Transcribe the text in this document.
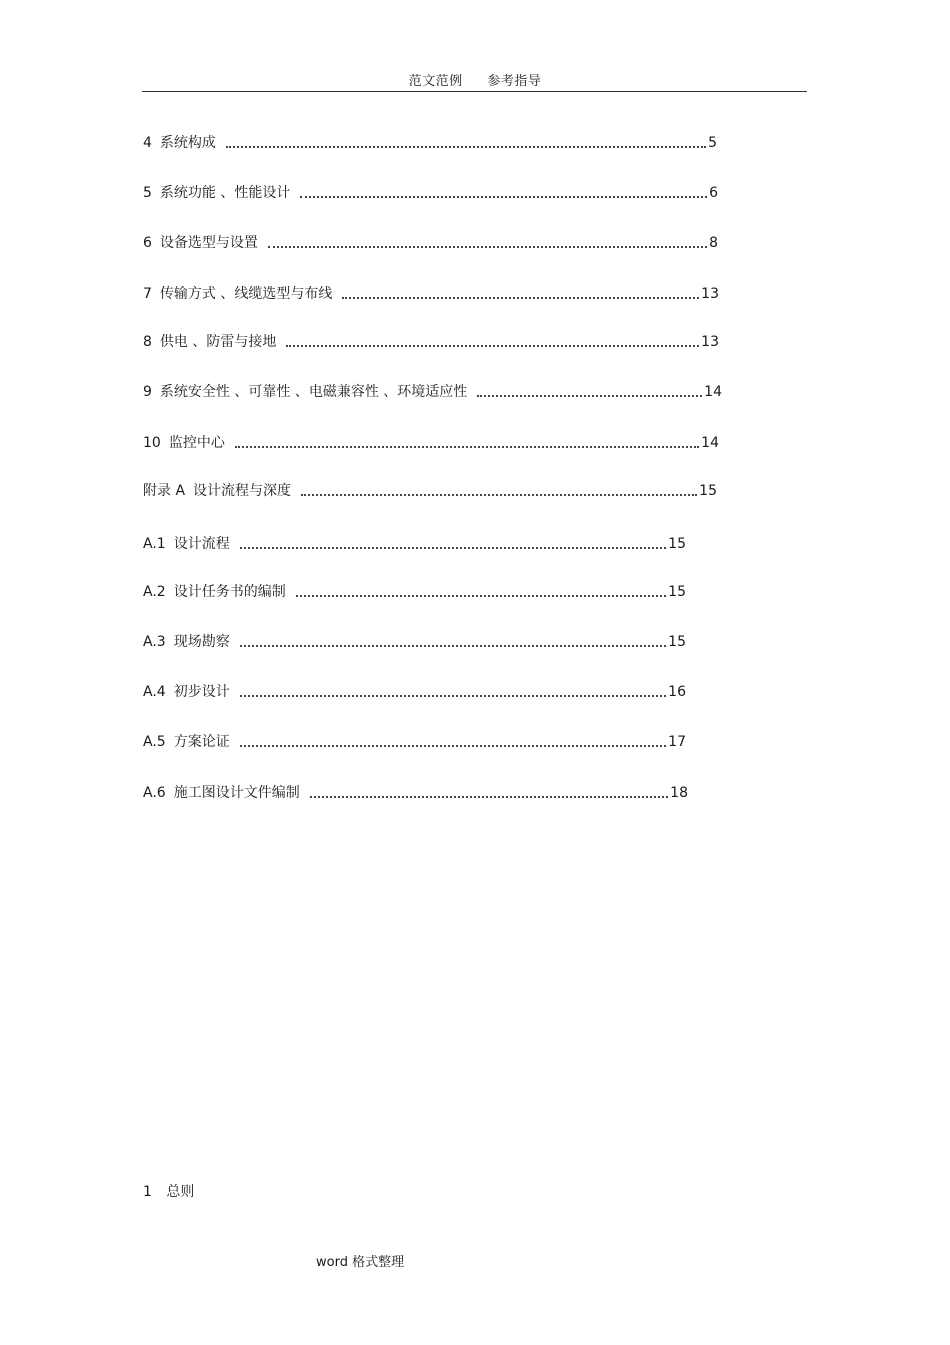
范文范例 参考指导
4 系统构成	5
5 系统功能 、性能设计	6
6 设备选型与设置	8
7 传输方式 、线缆选型与布线	13
8 供电 、防雷与接地	13
9 系统安全性 、可靠性 、电磁兼容性 、环境适应性	14
10 监控中心	14
附录 A 设计流程与深度	15
A.1 设计流程	15
A.2 设计任务书的编制	15
A.3 现场勘察	15
A.4 初步设计	16
A.5 方案论证	17
A.6 施工图设计文件编制	18
1 总则
word 格式整理
